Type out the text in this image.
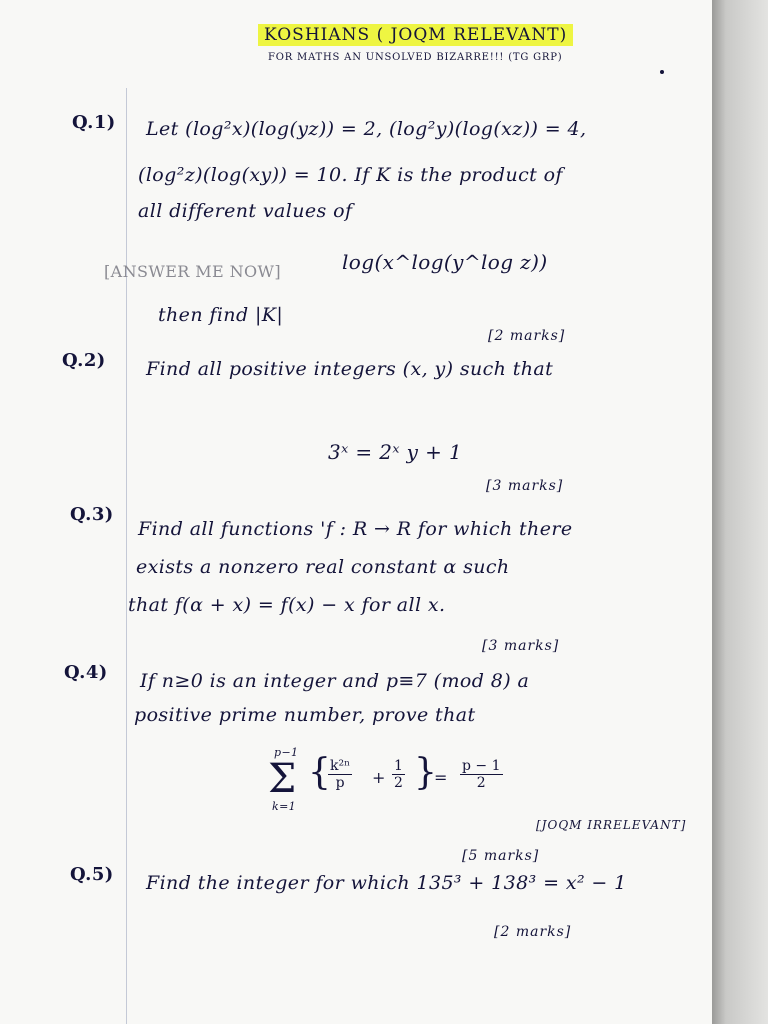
KOSHIANS ( JOQM RELEVANT)
FOR MATHS AN UNSOLVED BIZARRE!!! (TG GRP)
Q.1) Let (log²x)(log(yz)) = 2, (log²y)(log(xz)) = 4,
(log²z)(log(xy)) = 10. If K is the product of
all different values of
[ANSWER ME NOW]	log(x^log(y^log z))
then find |K|
[2 marks]
Q.2) Find all positive integers (x, y) such that
3ˣ = 2ˣ y + 1
[3 marks]
Q.3)
Find all functions 'f : R → R for which there
exists a nonzero real constant α such
that f(α + x) = f(x) − x for all x.
[3 marks]
Q.4) If n≥0 is an integer and p≡7 (mod 8) a
positive prime number, prove that
p−1
Σ
k=1
{
$\frac{\text{k²ⁿ}}{p} + \frac{1}{2}$ }
= $\frac{p - 1}{2}$
[JOQM IRRELEVANT]
[5 marks]
Q.5) Find the integer for which 135³ + 138³ = x² − 1
[2 marks]
